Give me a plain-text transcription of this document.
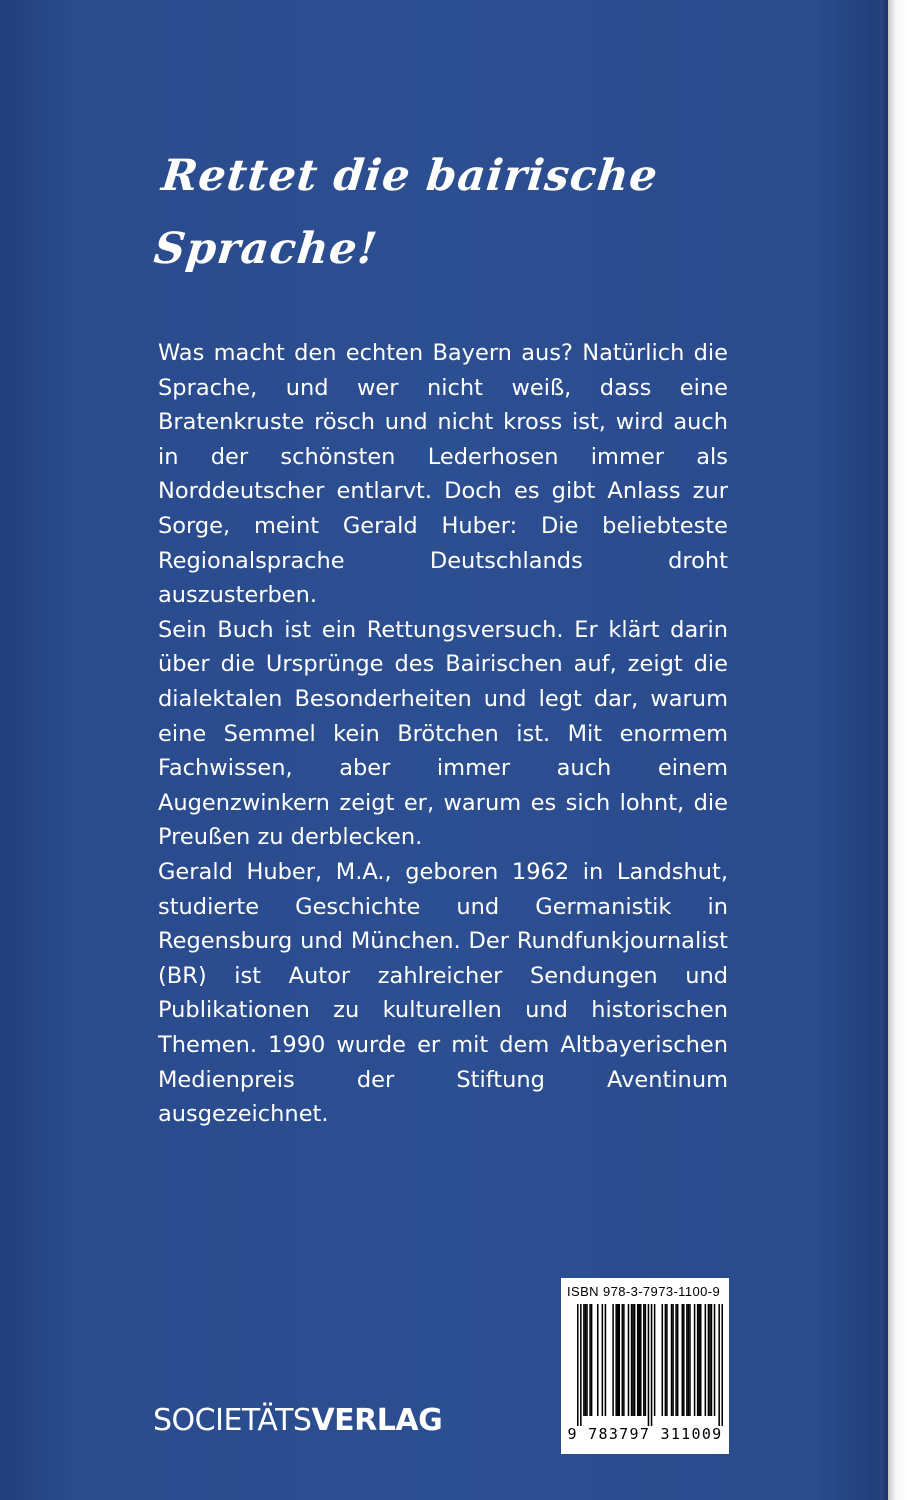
Rettet die bairische
Sprache!

Was macht den echten Bayern aus? Natürlich die Sprache, und wer nicht weiß, dass eine Bratenkruste rösch und nicht kross ist, wird auch in der schönsten Lederhosen immer als Norddeutscher entlarvt. Doch es gibt Anlass zur Sorge, meint Gerald Huber: Die beliebteste Regionalsprache Deutschlands droht auszusterben.

Sein Buch ist ein Rettungsversuch. Er klärt darin über die Ursprünge des Bairischen auf, zeigt die dialektalen Besonderheiten und legt dar, warum eine Semmel kein Brötchen ist. Mit enormem Fachwissen, aber immer auch einem Augenzwinkern zeigt er, warum es sich lohnt, die Preußen zu derblecken.

Gerald Huber, M.A., geboren 1962 in Landshut, studierte Geschichte und Germanistik in Regensburg und München. Der Rundfunkjournalist (BR) ist Autor zahlreicher Sendungen und Publikationen zu kulturellen und historischen Themen. 1990 wurde er mit dem Altbayerischen Medienpreis der Stiftung Aventinum ausgezeichnet.

SOCIETÄTSVERLAG
ISBN 978-3-7973-1100-9
9 783797 311009
